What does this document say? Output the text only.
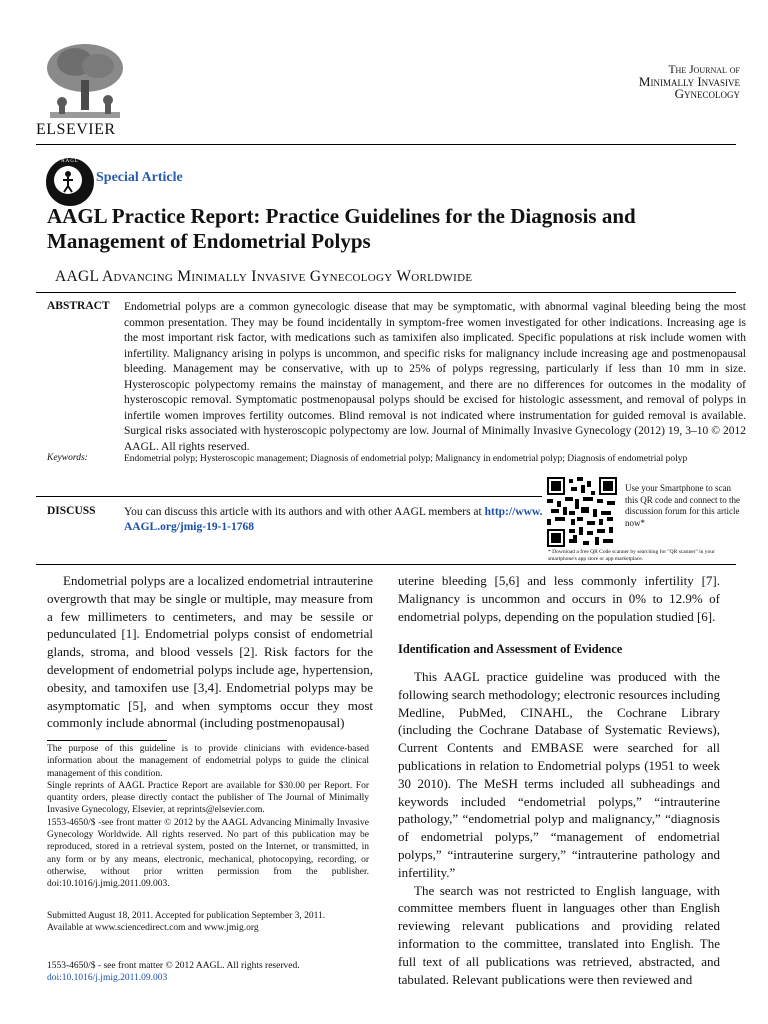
ELSEVIER
The Journal of
Minimally Invasive
Gynecology
AAGL
Special Article
AAGL Practice Report: Practice Guidelines for the Diagnosis and Management of Endometrial Polyps
AAGL Advancing Minimally Invasive Gynecology Worldwide
ABSTRACT Endometrial polyps are a common gynecologic disease that may be symptomatic, with abnormal vaginal bleeding being the most common presentation. They may be found incidentally in symptom-free women investigated for other indications. Increasing age is the most important risk factor, with medications such as tamixifen also implicated. Specific populations at risk include women with infertility. Malignancy arising in polyps is uncommon, and specific risks for malignancy include increasing age and postmenopausal bleeding. Management may be conservative, with up to 25% of polyps regressing, particularly if less than 10 mm in size. Hysteroscopic polypectomy remains the mainstay of management, and there are no differences for outcomes in the modality of hysteroscopic removal. Symptomatic postmenopausal polyps should be excised for histologic assessment, and removal of polyps in infertile women improves fertility outcomes. Blind removal is not indicated where instrumentation for guided removal is available. Surgical risks associated with hysteroscopic polypectomy are low. Journal of Minimally Invasive Gynecology (2012) 19, 3–10 © 2012 AAGL. All rights reserved.
Keywords:	Endometrial polyp; Hysteroscopic management; Diagnosis of endometrial polyp; Malignancy in endometrial polyp; Diagnosis of endometrial polyp
DISCUSS You can discuss this article with its authors and with other AAGL members at http://www.AAGL.org/jmig-19-1-1768
Use your Smartphone to scan this QR code and connect to the discussion forum for this article now*
* Download a free QR Code scanner by searching for "QR scanner" in your smartphone's app store or app marketplace.

Endometrial polyps are a localized endometrial intrauterine overgrowth that may be single or multiple, may measure from a few millimeters to centimeters, and may be sessile or pedunculated [1]. Endometrial polyps consist of endometrial glands, stroma, and blood vessels [2]. Risk factors for the development of endometrial polyps include age, hypertension, obesity, and tamoxifen use [3,4]. Endometrial polyps may be asymptomatic [5], and when symptoms occur they most commonly include abnormal (including postmenopausal)

The purpose of this guideline is to provide clinicians with evidence-based information about the management of endometrial polyps to guide the clinical management of this condition.

Single reprints of AAGL Practice Report are available for $30.00 per Report. For quantity orders, please directly contact the publisher of The Journal of Minimally Invasive Gynecology, Elsevier, at reprints@elsevier.com.

1553-4650/$ -see front matter © 2012 by the AAGL Advancing Minimally Invasive Gynecology Worldwide. All rights reserved. No part of this publication may be reproduced, stored in a retrieval system, posted on the Internet, or transmitted, in any form or by any means, electronic, mechanical, photocopying, recording, or otherwise, without prior written permission from the publisher. doi:10.1016/j.jmig.2011.09.003.

Submitted August 18, 2011. Accepted for publication September 3, 2011.

Available at www.sciencedirect.com and www.jmig.org

1553-4650/$ - see front matter © 2012 AAGL. All rights reserved.

doi:10.1016/j.jmig.2011.09.003

uterine bleeding [5,6] and less commonly infertility [7]. Malignancy is uncommon and occurs in 0% to 12.9% of endometrial polyps, depending on the population studied [6].

Identification and Assessment of Evidence

This AAGL practice guideline was produced with the following search methodology; electronic resources including Medline, PubMed, CINAHL, the Cochrane Library (including the Cochrane Database of Systematic Reviews), Current Contents and EMBASE were searched for all publications in relation to Endometrial polyps (1951 to week 30 2010). The MeSH terms included all subheadings and keywords included “endometrial polyps,” “intrauterine pathology,” “endometrial polyp and malignancy,” “diagnosis of endometrial polyps,” “management of endometrial polyps,” “intrauterine surgery,” “intrauterine pathology and infertility.”

The search was not restricted to English language, with committee members fluent in languages other than English reviewing relevant publications and providing related information to the committee, translated into English. The full text of all publications was retrieved, abstracted, and tabulated. Relevant publications were then reviewed and
